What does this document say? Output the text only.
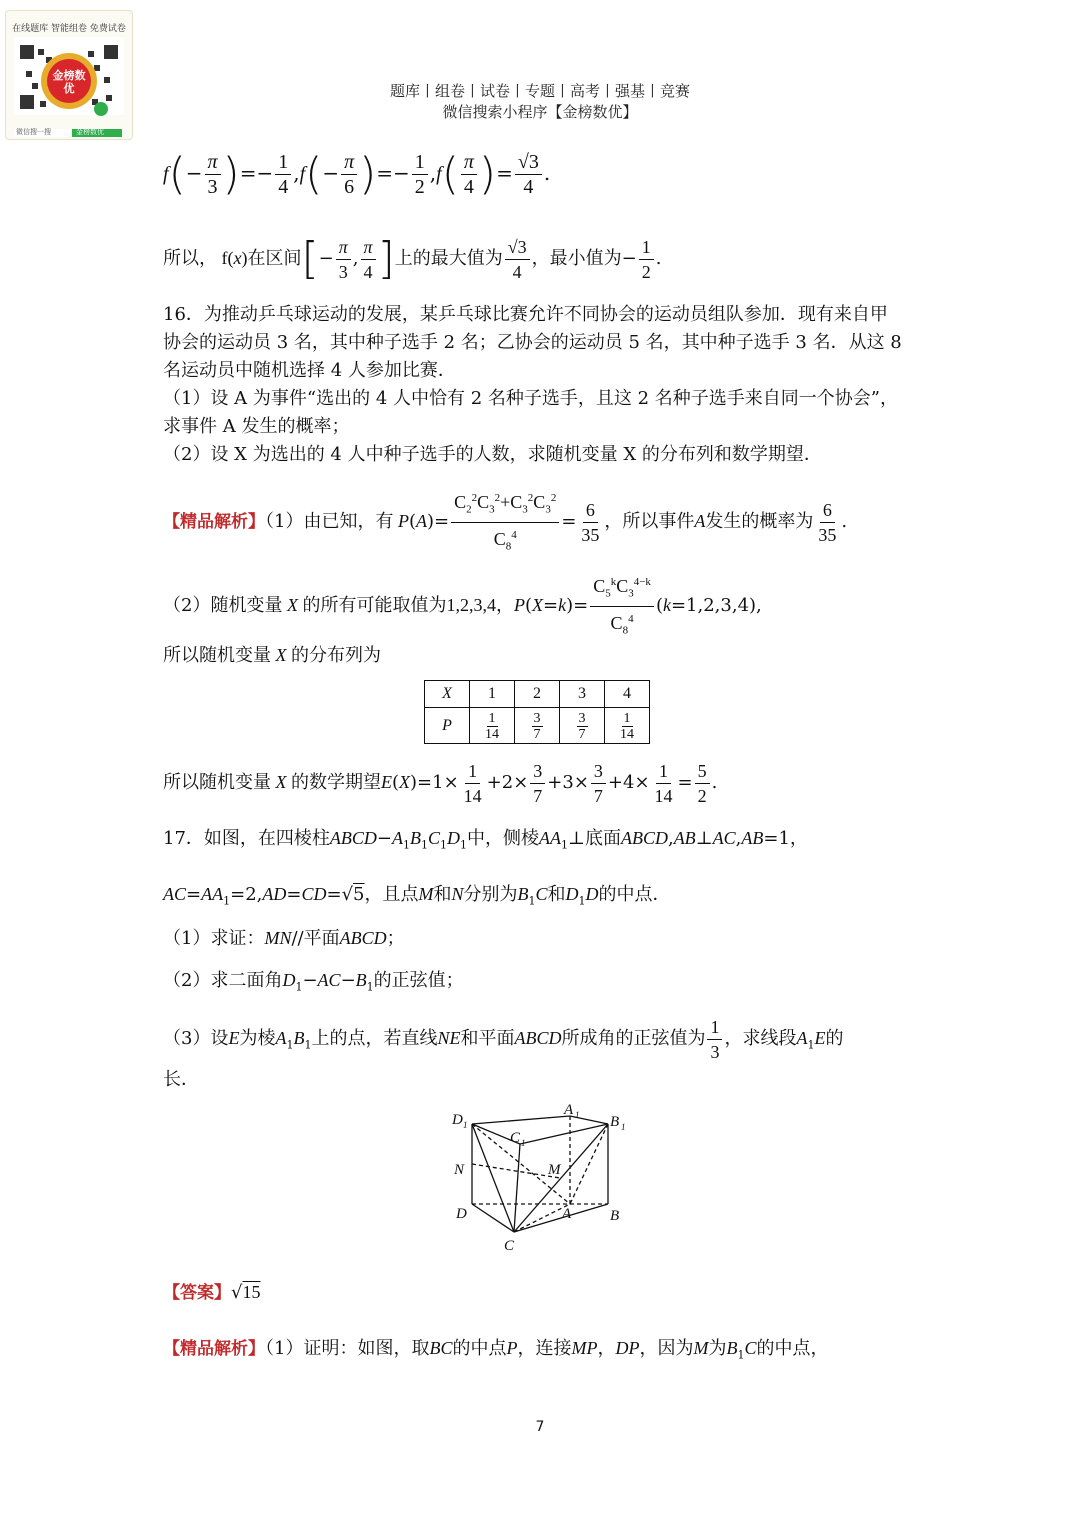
在线题库 智能组卷 免费试卷
金榜数优
微信搜一搜	金榜数优
题库丨组卷丨试卷丨专题丨高考丨强基丨竞赛
微信搜索小程序【金榜数优】
$f(- \frac{\pi}{3}$ )=− $\frac{1}{4} ,f(- \frac{\pi}{6}$ )=− $\frac{1}{2} ,f( \frac{\pi}{4}$ )= $\frac{√3}{4}$ .
所以， f(x)在区间[− $\frac{\pi}{3}$ , $\frac{\pi}{4}$ ]上的最大值为 $\frac{√3}{4}$ ，最小值为− $\frac{1}{2}$ .
16．为推动乒乓球运动的发展，某乒乓球比赛允许不同协会的运动员组队参加．现有来自甲
协会的运动员 3 名，其中种子选手 2 名；乙协会的运动员 5 名，其中种子选手 3 名．从这 8
名运动员中随机选择 4 人参加比赛．
（1）设 A 为事件“选出的 4 人中恰有 2 名种子选手，且这 2 名种子选手来自同一个协会”，
求事件 A 发生的概率；
（2）设 X 为选出的 4 人中种子选手的人数，求随机变量 X 的分布列和数学期望．
【精品解析】（1）由已知，有 $P(A)= \frac{C_2^2C_3^2+C_3^2C_3^2}{C_8^4} = \frac{6}{35}$ ，所以事件A发生的概率为 $\frac{6}{35}$ .
（2）随机变量 X 的所有可能取值为1,2,3,4，$P(X=k)= \frac{C_5^kC_3^{4-k}}{C_8^4} (k=1,2,3,4)$,
所以随机变量 X 的分布列为
X	1	2	3	4
P	$\frac{1}{14}$	$\frac{3}{7}$	$\frac{3}{7}$	$\frac{1}{14}$
所以随机变量 X 的数学期望$E(X)=1\times \frac{1}{14} +2\times \frac{3}{7} +3\times \frac{3}{7} +4\times \frac{1}{14} = \frac{5}{2}$ .
17．如图，在四棱柱$ABCD-A_1B_1C_1D_1$中，侧棱$AA_1\perp$底面ABCD,AB⊥AC,AB=1，
$AC=AA_1=2,AD=CD=√5$，且点M和N分别为$B_1C$和$D_1D$的中点．
（1）求证：MN//平面ABCD；
（2）求二面角$D_1-AC-B_1$的正弦值；
（3）设E为棱$A_1B_1$上的点，若直线NE和平面ABCD所成角的正弦值为 $\frac{1}{3}$ ，求线段$A_1E$的
长．
D 1
A 1 B 1
C 1
N	M
D	A	B
C
【答案】√15
【精品解析】（1）证明：如图，取BC的中点P，连接MP，DP，因为M为$B_1C$的中点，
7
